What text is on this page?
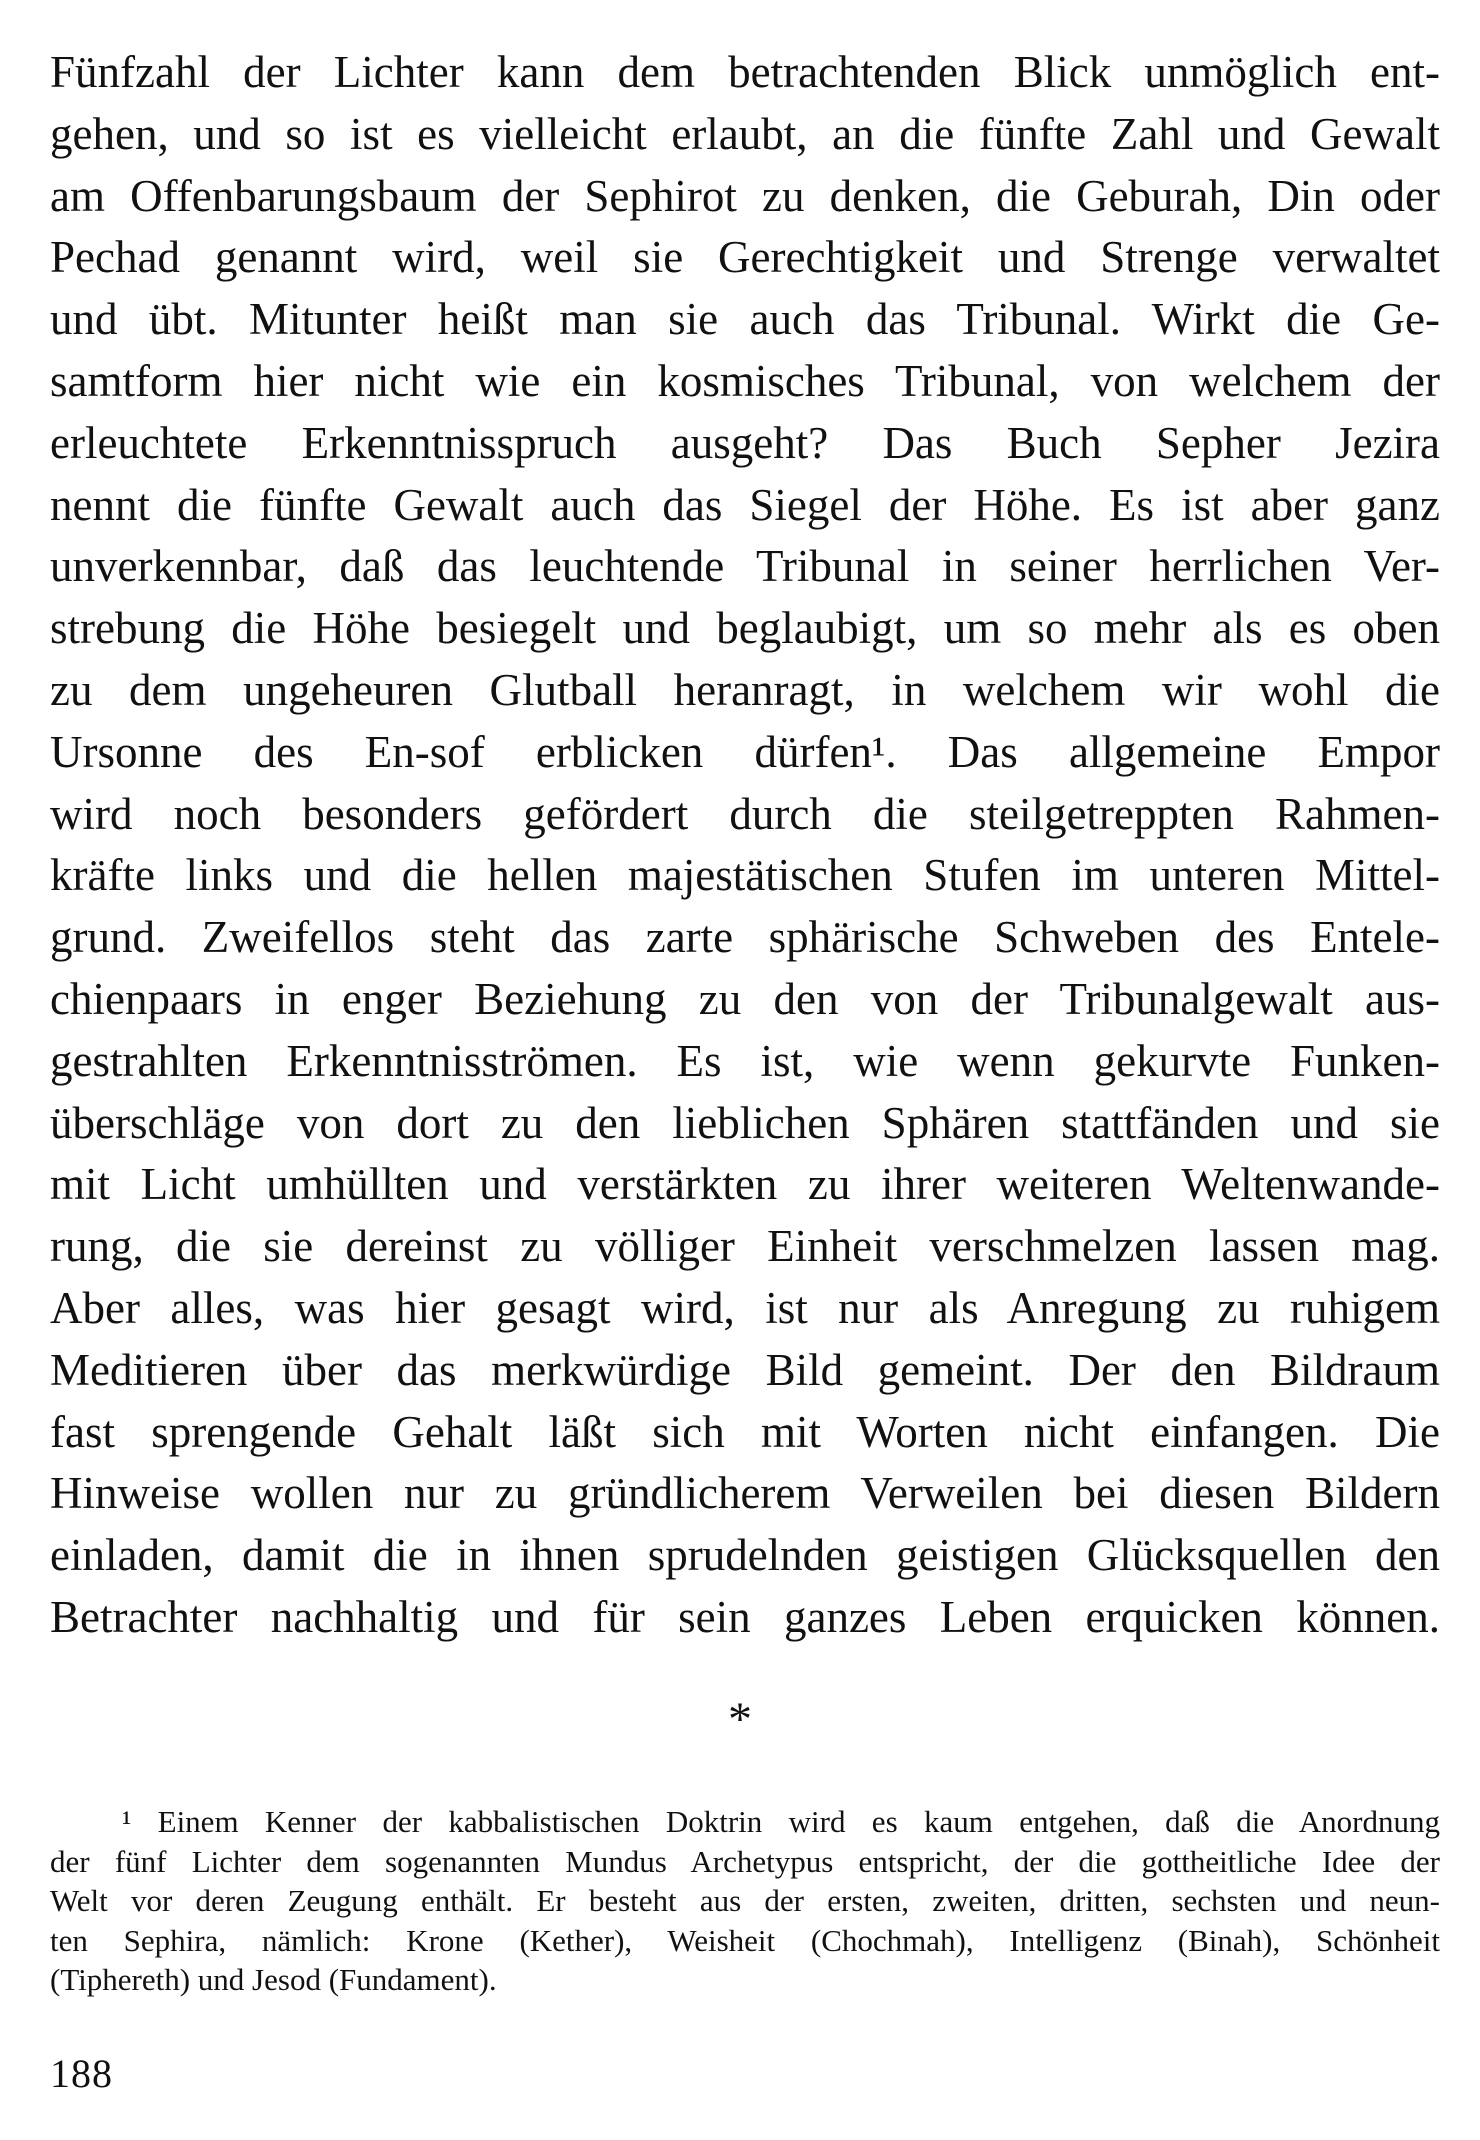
Fünfzahl der Lichter kann dem betrachtenden Blick unmöglich ent-
gehen, und so ist es vielleicht erlaubt, an die fünfte Zahl und Gewalt
am Offenbarungsbaum der Sephirot zu denken, die Geburah, Din oder
Pechad genannt wird, weil sie Gerechtigkeit und Strenge verwaltet
und übt. Mitunter heißt man sie auch das Tribunal. Wirkt die Ge-
samtform hier nicht wie ein kosmisches Tribunal, von welchem der
erleuchtete Erkenntnisspruch ausgeht? Das Buch Sepher Jezira
nennt die fünfte Gewalt auch das Siegel der Höhe. Es ist aber ganz
unverkennbar, daß das leuchtende Tribunal in seiner herrlichen Ver-
strebung die Höhe besiegelt und beglaubigt, um so mehr als es oben
zu dem ungeheuren Glutball heranragt, in welchem wir wohl die
Ursonne des En-sof erblicken dürfen¹. Das allgemeine Empor
wird noch besonders gefördert durch die steilgetreppten Rahmen-
kräfte links und die hellen majestätischen Stufen im unteren Mittel-
grund. Zweifellos steht das zarte sphärische Schweben des Entele-
chienpaars in enger Beziehung zu den von der Tribunalgewalt aus-
gestrahlten Erkenntnisströmen. Es ist, wie wenn gekurvte Funken-
überschläge von dort zu den lieblichen Sphären stattfänden und sie
mit Licht umhüllten und verstärkten zu ihrer weiteren Weltenwande-
rung, die sie dereinst zu völliger Einheit verschmelzen lassen mag.
Aber alles, was hier gesagt wird, ist nur als Anregung zu ruhigem
Meditieren über das merkwürdige Bild gemeint. Der den Bildraum
fast sprengende Gehalt läßt sich mit Worten nicht einfangen. Die
Hinweise wollen nur zu gründlicherem Verweilen bei diesen Bildern
einladen, damit die in ihnen sprudelnden geistigen Glücksquellen den
Betrachter nachhaltig und für sein ganzes Leben erquicken können.
*
¹ Einem Kenner der kabbalistischen Doktrin wird es kaum entgehen, daß die Anordnung
der fünf Lichter dem sogenannten Mundus Archetypus entspricht, der die gottheitliche Idee der
Welt vor deren Zeugung enthält. Er besteht aus der ersten, zweiten, dritten, sechsten und neun-
ten Sephira, nämlich: Krone (Kether), Weisheit (Chochmah), Intelligenz (Binah), Schönheit
(Tiphereth) und Jesod (Fundament).
188
